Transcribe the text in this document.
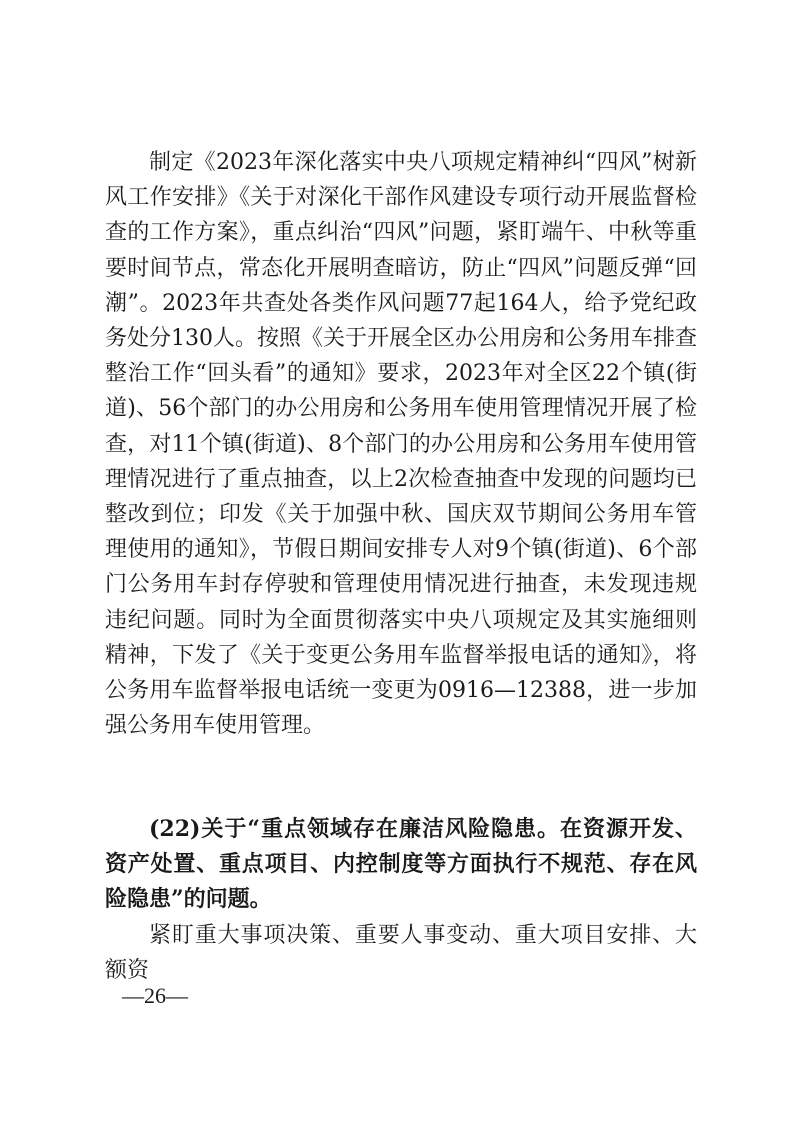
制定《2023年深化落实中央八项规定精神纠“四风”树新风工作安排》《关于对深化干部作风建设专项行动开展监督检查的工作方案》，重点纠治“四风”问题，紧盯端午、中秋等重要时间节点，常态化开展明查暗访，防止“四风”问题反弹“回潮”。2023年共查处各类作风问题77起164人，给予党纪政务处分130人。按照《关于开展全区办公用房和公务用车排查整治工作“回头看”的通知》要求，2023年对全区22个镇(街道)、56个部门的办公用房和公务用车使用管理情况开展了检查，对11个镇(街道)、8个部门的办公用房和公务用车使用管理情况进行了重点抽查，以上2次检查抽查中发现的问题均已整改到位；印发《关于加强中秋、国庆双节期间公务用车管理使用的通知》，节假日期间安排专人对9个镇(街道)、6个部门公务用车封存停驶和管理使用情况进行抽查，未发现违规违纪问题。同时为全面贯彻落实中央八项规定及其实施细则精神，下发了《关于变更公务用车监督举报电话的通知》，将公务用车监督举报电话统一变更为0916—12388，进一步加强公务用车使用管理。

(22)关于“重点领域存在廉洁风险隐患。在资源开发、资产处置、重点项目、内控制度等方面执行不规范、存在风险隐患”的问题。

紧盯重大事项决策、重要人事变动、重大项目安排、大额资

—26—
